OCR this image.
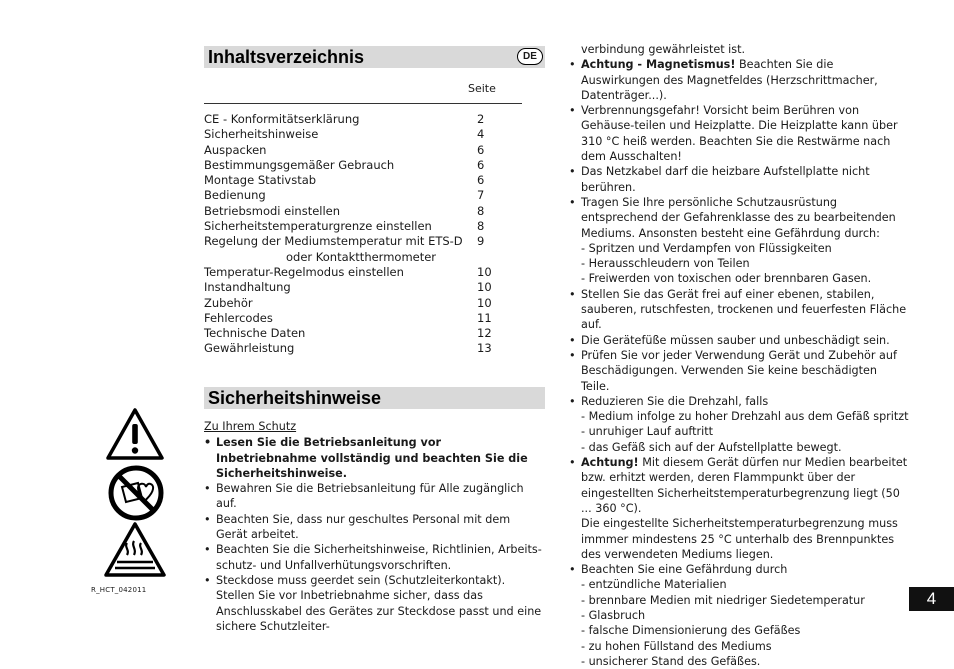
Inhaltsverzeichnis	DE
Seite
CE - Konformitätserklärung	2
Sicherheitshinweise	4
Auspacken	6
Bestimmungsgemäßer Gebrauch	6
Montage Stativstab	6
Bedienung	7
Betriebsmodi einstellen	8
Sicherheitstemperaturgrenze einstellen	8
Regelung der Mediumstemperatur mit ETS-D 9
oder Kontaktthermometer
Temperatur-Regelmodus einstellen	10
Instandhaltung	10
Zubehör	10
Fehlercodes	11
Technische Daten	12
Gewährleistung	13
Sicherheitshinweise

Zu Ihrem Schutz

• Lesen Sie die Betriebsanleitung vor Inbetriebnahme vollständig und beachten Sie die Sicherheitshinweise.
• Bewahren Sie die Betriebsanleitung für Alle zugänglich auf.
• Beachten Sie, dass nur geschultes Personal mit dem Gerät arbeitet.
• Beachten Sie die Sicherheitshinweise, Richtlinien, Arbeits-schutz- und Unfallverhütungsvorschriften.
• Steckdose muss geerdet sein (Schutzleiterkontakt).
Stellen Sie vor Inbetriebnahme sicher, dass das Anschlusskabel des Gerätes zur Steckdose passt und eine sichere Schutzleiter-
verbindung gewährleistet ist.
• Achtung - Magnetismus! Beachten Sie die Auswirkungen des Magnetfeldes (Herzschrittmacher, Datenträger...).
• Verbrennungsgefahr! Vorsicht beim Berühren von Gehäuse-teilen und Heizplatte. Die Heizplatte kann über 310 °C heiß werden. Beachten Sie die Restwärme nach dem Ausschalten!
• Das Netzkabel darf die heizbare Aufstellplatte nicht berühren.
• Tragen Sie Ihre persönliche Schutzausrüstung entsprechend der Gefahrenklasse des zu bearbeitenden Mediums. Ansonsten besteht eine Gefährdung durch:

- Spritzen und Verdampfen von Flüssigkeiten

- Herausschleudern von Teilen

- Freiwerden von toxischen oder brennbaren Gasen.

• Stellen Sie das Gerät frei auf einer ebenen, stabilen, sauberen, rutschfesten, trockenen und feuerfesten Fläche auf.
• Die Gerätefüße müssen sauber und unbeschädigt sein.
• Prüfen Sie vor jeder Verwendung Gerät und Zubehör auf Beschädigungen. Verwenden Sie keine beschädigten Teile.
• Reduzieren Sie die Drehzahl, falls

- Medium infolge zu hoher Drehzahl aus dem Gefäß spritzt

- unruhiger Lauf auftritt

- das Gefäß sich auf der Aufstellplatte bewegt.

• Achtung! Mit diesem Gerät dürfen nur Medien bearbeitet bzw. erhitzt werden, deren Flammpunkt über der eingestellten Sicherheitstemperaturbegrenzung liegt (50 ... 360 °C).
Die eingestellte Sicherheitstemperaturbegrenzung muss immmer mindestens 25 °C unterhalb des Brennpunktes des verwendeten Mediums liegen.
• Beachten Sie eine Gefährdung durch

- entzündliche Materialien

- brennbare Medien mit niedriger Siedetemperatur

- Glasbruch

- falsche Dimensionierung des Gefäßes

- zu hohen Füllstand des Mediums

- unsicherer Stand des Gefäßes.

R_HCT_042011	4
